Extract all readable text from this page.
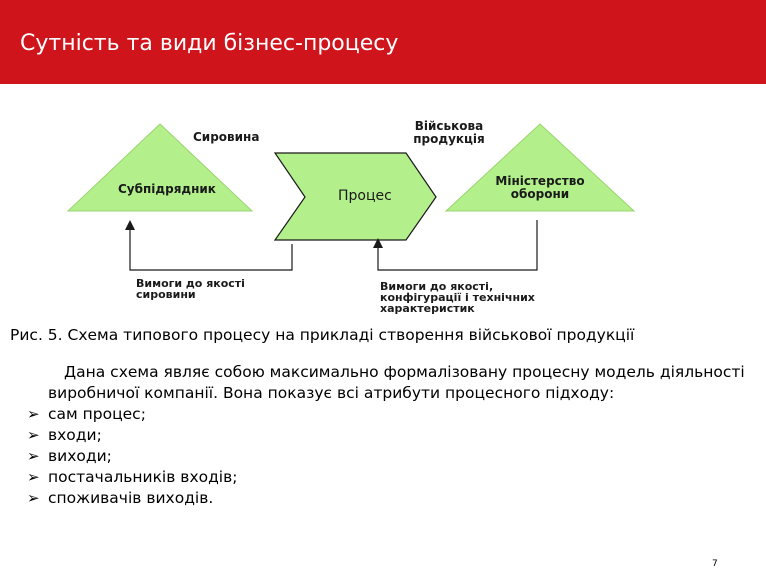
Сутність та види бізнес-процесу
Сировина
Субпідрядник	Процес
Військова
продукція
Міністерство
оборони
Вимоги до якості
сировини
Вимоги до якості,
конфігурації і технічних
характеристик
Рис. 5. Схема типового процесу на прикладі створення військової продукції

Дана схема являє собою максимально формалізовану процесну модель діяльності виробничої компанії. Вона показує всі атрибути процесного підходу:

➢ сам процес;
➢ входи;
➢ виходи;
➢ постачальників входів;
➢ споживачів виходів.
7
